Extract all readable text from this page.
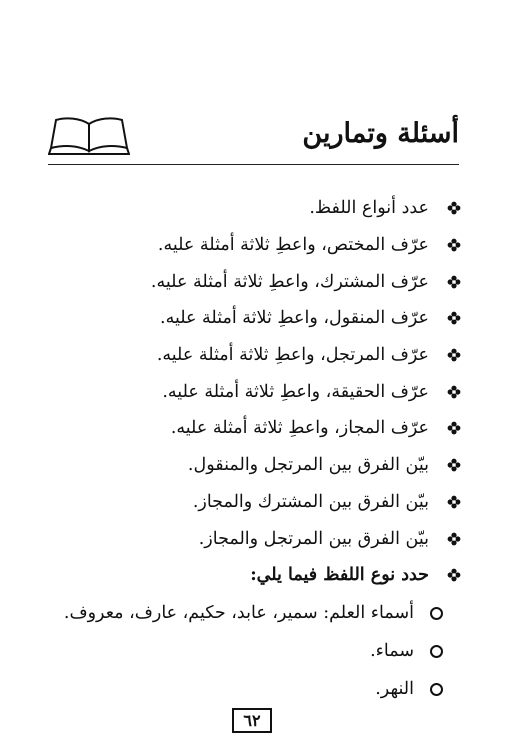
أسئلة وتمارين
عدد أنواع اللفظ.
عرّف المختص، واعطِ ثلاثة أمثلة عليه.
عرّف المشترك، واعطِ ثلاثة أمثلة عليه.
عرّف المنقول، واعطِ ثلاثة أمثلة عليه.
عرّف المرتجل، واعطِ ثلاثة أمثلة عليه.
عرّف الحقيقة، واعطِ ثلاثة أمثلة عليه.
عرّف المجاز، واعطِ ثلاثة أمثلة عليه.
بيّن الفرق بين المرتجل والمنقول.
بيّن الفرق بين المشترك والمجاز.
بيّن الفرق بين المرتجل والمجاز.
حدد نوع اللفظ فيما يلي:
أسماء العلم: سمير، عابد، حكيم، عارف، معروف.
سماء.
النهر.
٦٢
